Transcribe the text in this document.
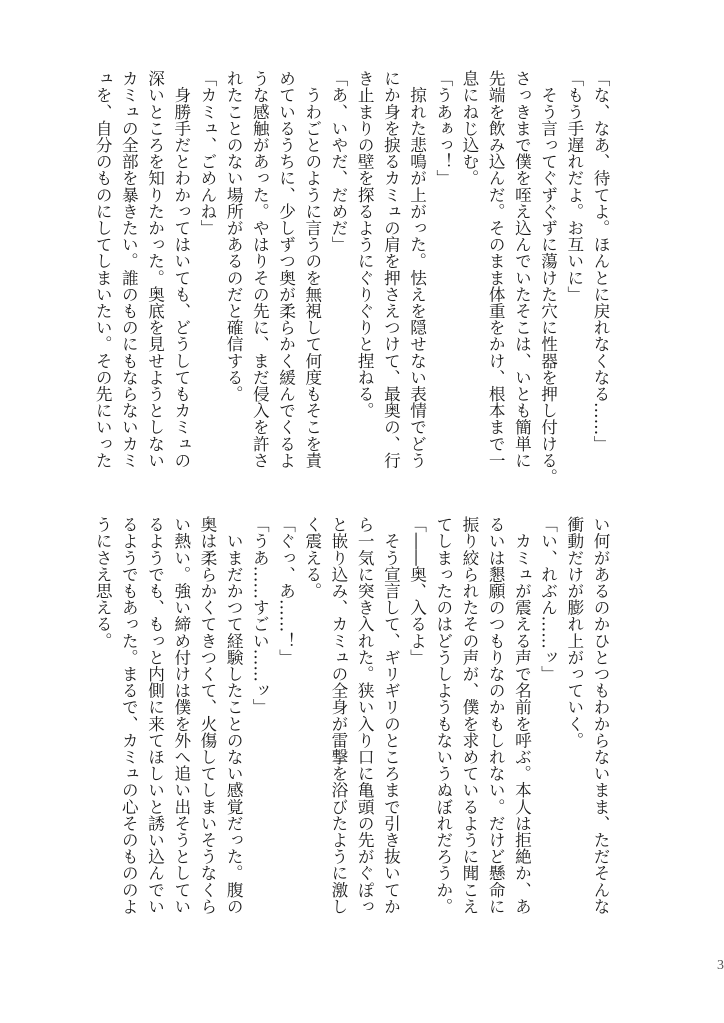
「な、なあ、待てよ。ほんとに戻れなくなる……」
「もう手遅れだよ。お互いに」
　そう言ってぐずぐずに蕩けた穴に性器を押し付ける。
さっきまで僕を咥え込んでいたそこは、いとも簡単に
先端を飲み込んだ。そのまま体重をかけ、根本まで一
息にねじ込む。
「うあぁっ！」
　掠れた悲鳴が上がった。怯えを隠せない表情でどう
にか身を捩るカミュの肩を押さえつけて、最奥の、行
き止まりの壁を探るようにぐりぐりと捏ねる。
「あ、いやだ、だめだ」
　うわごとのように言うのを無視して何度もそこを責
めているうちに、少しずつ奥が柔らかく緩んでくるよ
うな感触があった。やはりその先に、まだ侵入を許さ
れたことのない場所があるのだと確信する。
「カミュ、ごめんね」
　身勝手だとわかってはいても、どうしてもカミュの
深いところを知りたかった。奥底を見せようとしない
カミュの全部を暴きたい。誰のものにもならないカミ
ュを、自分のものにしてしまいたい。その先にいった
い何があるのかひとつもわからないまま、ただそんな
衝動だけが膨れ上がっていく。
「い、れぶん……ッ」
　カミュが震える声で名前を呼ぶ。本人は拒絶か、あ
るいは懇願のつもりなのかもしれない。だけど懸命に
振り絞られたその声が、僕を求めているように聞こえ
てしまったのはどうしようもないうぬぼれだろうか。
「――奥、入るよ」
　そう宣言して、ギリギリのところまで引き抜いてか
ら一気に突き入れた。狭い入り口に亀頭の先がぐぽっ
と嵌り込み、カミュの全身が雷撃を浴びたように激し
く震える。
「ぐっ、あ……！」
「うあ……すごい……ッ」
　いまだかつて経験したことのない感覚だった。腹の
奥は柔らかくてきつくて、火傷してしまいそうなくら
い熱い。強い締め付けは僕を外へ追い出そうとしてい
るようでも、もっと内側に来てほしいと誘い込んでい
るようでもあった。まるで、カミュの心そのもののよ
うにさえ思える。
3
